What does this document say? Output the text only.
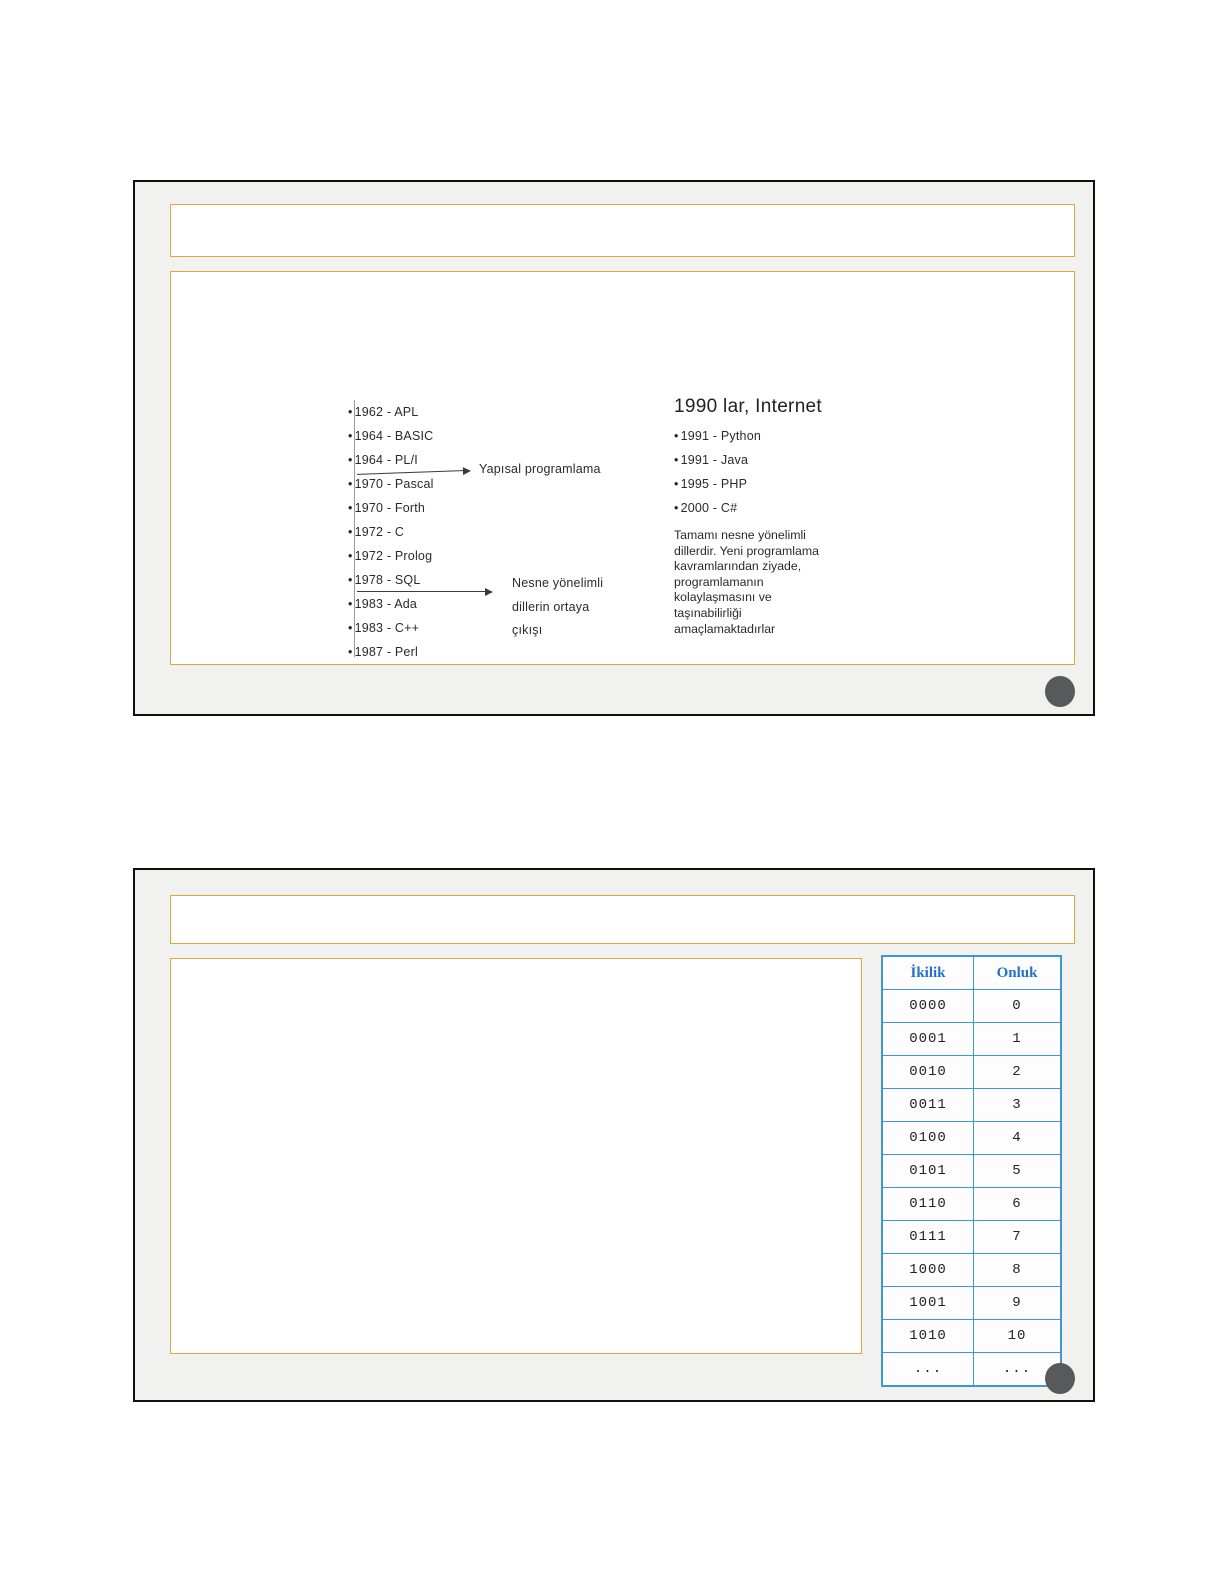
• 1962 - APL
• 1964 - BASIC
• 1964 - PL/I
• 1970 - Pascal
• 1970 - Forth
• 1972 - C
• 1972 - Prolog
• 1978 - SQL
• 1983 - Ada
• 1983 - C++
• 1987 - Perl
Yapısal programlama
Nesne yönelimli
dillerin ortaya
çıkışı
1990 lar, Internet
• 1991 - Python
• 1991 - Java
• 1995 - PHP
• 2000 - C#
Tamamı nesne yönelimli
dillerdir. Yeni programlama
kavramlarından ziyade,
programlamanın
kolaylaşmasını ve
taşınabilirliği
amaçlamaktadırlar
İkilik	Onluk
0000	0
0001	1
0010	2
0011	3
0100	4
0101	5
0110	6
0111	7
1000	8
1001	9
1010	10
...	...
